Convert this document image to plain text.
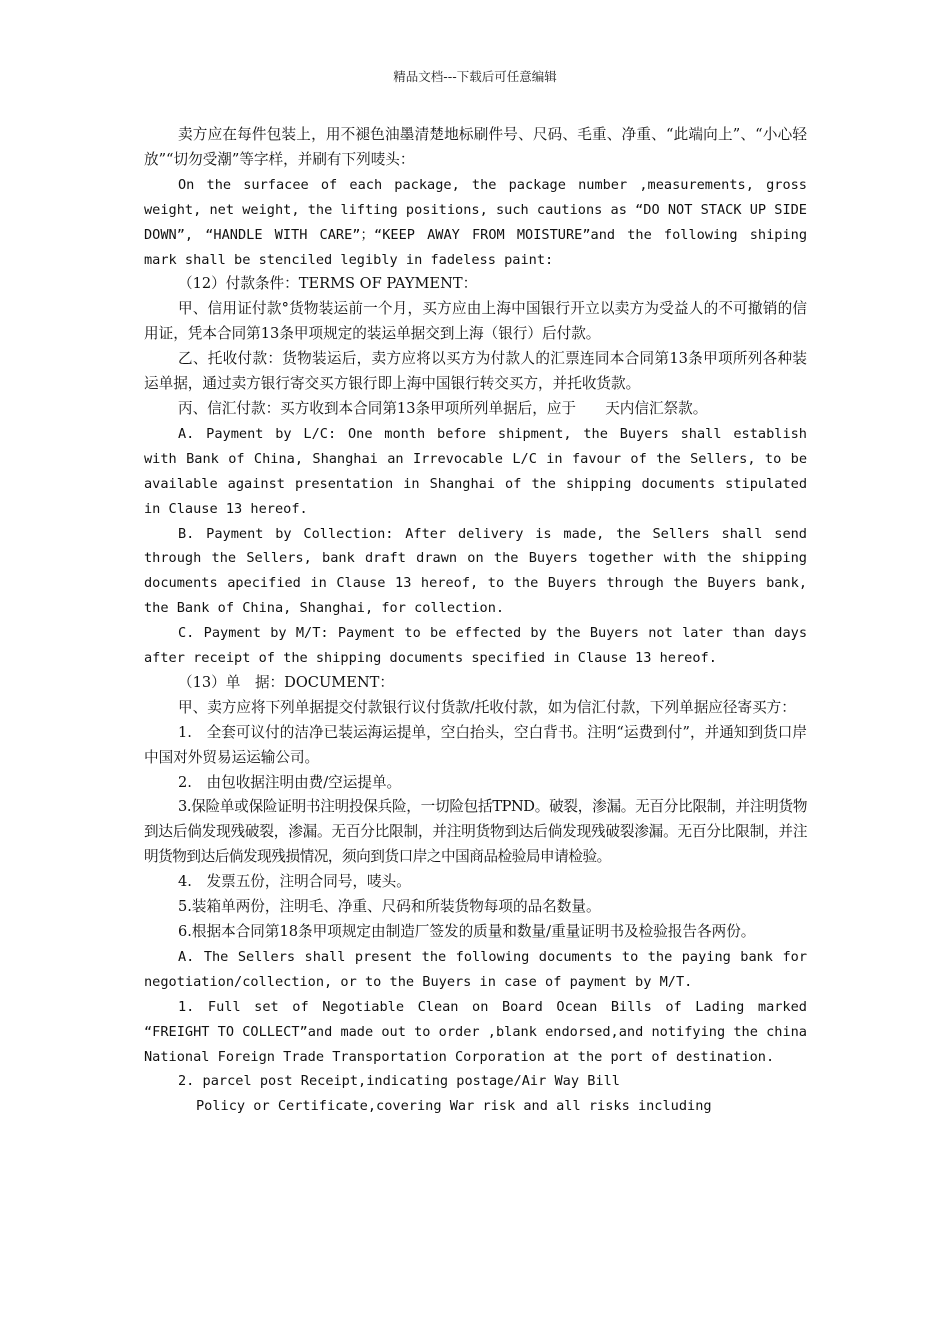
精品文档---下载后可任意编辑

卖方应在每件包装上，用不褪色油墨清楚地标刷件号、尺码、毛重、净重、“此端向上”、“小心轻放”“切勿受潮”等字样，并刷有下列唛头：

On the surfacee of each package, the package number ,measurements, gross weight, net weight, the lifting positions, such cautions as “DO NOT STACK UP SIDE DOWN”, “HANDLE WITH CARE”；“KEEP AWAY FROM MOISTURE”and the following shiping mark shall be stenciled legibly in fadeless paint:

（12）付款条件：TERMS OF PAYMENT：

甲、信用证付款°货物装运前一个月，买方应由上海中国银行开立以卖方为受益人的不可撤销的信用证，凭本合同第13条甲项规定的装运单据交到上海（银行）后付款。

乙、托收付款：货物装运后，卖方应将以买方为付款人的汇票连同本合同第13条甲项所列各种装运单据，通过卖方银行寄交买方银行即上海中国银行转交买方，并托收货款。

丙、信汇付款：买方收到本合同第13条甲项所列单据后，应于　　天内信汇祭款。

A. Payment by L/C: One month before shipment, the Buyers shall establish with Bank of China, Shanghai an Irrevocable L/C in favour of the Sellers, to be available against presentation in Shanghai of the shipping documents stipulated in Clause 13 hereof.

B. Payment by Collection: After delivery is made, the Sellers shall send through the Sellers, bank draft drawn on the Buyers together with the shipping documents apecified in Clause 13 hereof, to the Buyers through the Buyers bank, the Bank of China, Shanghai, for collection.

C. Payment by M/T: Payment to be effected by the Buyers not later than days after receipt of the shipping documents specified in Clause 13 hereof.

（13）单　据：DOCUMENT：

甲、卖方应将下列单据提交付款银行议付货款/托收付款，如为信汇付款，下列单据应径寄买方：

1.　全套可议付的洁净已装运海运提单，空白抬头，空白背书。注明“运费到付”，并通知到货口岸中国对外贸易运运输公司。

2.　由包收据注明由费/空运提单。

3.保险单或保险证明书注明投保兵险，一切险包括TPND。破裂，渗漏。无百分比限制，并注明货物到达后倘发现残破裂，渗漏。无百分比限制，并注明货物到达后倘发现残破裂渗漏。无百分比限制，并注明货物到达后倘发现残损情况，须向到货口岸之中国商品检验局申请检验。

4.　发票五份，注明合同号，唛头。

5.装箱单两份，注明毛、净重、尺码和所装货物每项的品名数量。

6.根据本合同第18条甲项规定由制造厂签发的质量和数量/重量证明书及检验报告各两份。

A. The Sellers shall present the following documents to the paying bank for negotiation/collection, or to the Buyers in case of payment by M/T.

1. Full set of Negotiable Clean on Board Ocean Bills of Lading marked “FREIGHT TO COLLECT”and made out to order ,blank endorsed,and notifying the china National Foreign Trade Transportation Corporation at the port of destination.

2. parcel post Receipt,indicating postage/Air Way Bill

Policy or Certificate,covering War risk and all risks including
